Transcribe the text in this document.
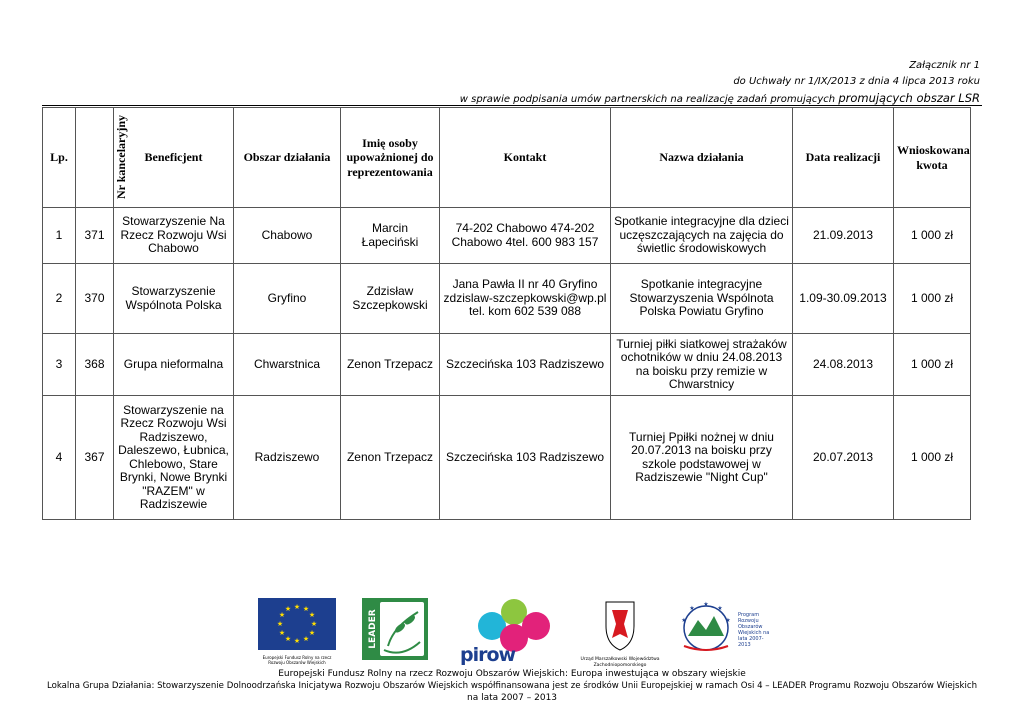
Załącznik nr 1
do Uchwały nr 1/IX/2013 z dnia 4 lipca 2013 roku
w sprawie podpisania umów partnerskich na realizację zadań promujących promujących obszar LSR
Lp.	Nr kancelaryjny	Beneficjent	Obszar działania	Imię osoby upoważnionej do reprezentowania	Kontakt	Nazwa działania	Data realizacji	Wnioskowana kwota
1	371	Stowarzyszenie Na Rzecz Rozwoju Wsi Chabowo	Chabowo	Marcin Łapeciński	74-202 Chabowo 474-202 Chabowo 4tel. 600 983 157	Spotkanie integracyjne dla dzieci uczęszczających na zajęcia do świetlic środowiskowych	21.09.2013	1 000 zł
2	370	Stowarzyszenie Wspólnota Polska	Gryfino	Zdzisław Szczepkowski	Jana Pawła II nr 40 Gryfino zdzislaw-szczepkowski@wp.pl tel. kom 602 539 088	Spotkanie integracyjne Stowarzyszenia Wspólnota Polska Powiatu Gryfino	1.09-30.09.2013	1 000 zł
3	368	Grupa nieformalna	Chwarstnica	Zenon Trzepacz	Szczecińska 103 Radziszewo	Turniej piłki siatkowej strażaków ochotników w dniu 24.08.2013 na boisku przy remizie w Chwarstnicy	24.08.2013	1 000 zł
4	367	Stowarzyszenie na Rzecz Rozwoju Wsi Radziszewo, Daleszewo, Łubnica, Chlebowo, Stare Brynki, Nowe Brynki "RAZEM" w Radziszewie	Radziszewo	Zenon Trzepacz	Szczecińska 103 Radziszewo	Turniej Ppiłki nożnej w dniu 20.07.2013 na boisku przy szkole podstawowej w Radziszewie "Night Cup"	20.07.2013	1 000 zł
★ ★
★
★
★
★
★
★
★
★
★
★
Europejski Fundusz Rolny na rzecz Rozwoju Obszarów Wiejskich
LEADER
pirow	Urząd Marszałkowski Województwa Zachodniopomorskiego
★
★
★
★	★
Program Rozwoju Obszarów Wiejskich na lata 2007-2013
Europejski Fundusz Rolny na rzecz Rozwoju Obszarów Wiejskich: Europa inwestująca w obszary wiejskie
Lokalna Grupa Działania: Stowarzyszenie Dolnoodrzańska Inicjatywa Rozwoju Obszarów Wiejskich współfinansowana jest ze środków Unii Europejskiej w ramach Osi 4 – LEADER Programu Rozwoju Obszarów Wiejskich
na lata 2007 – 2013
